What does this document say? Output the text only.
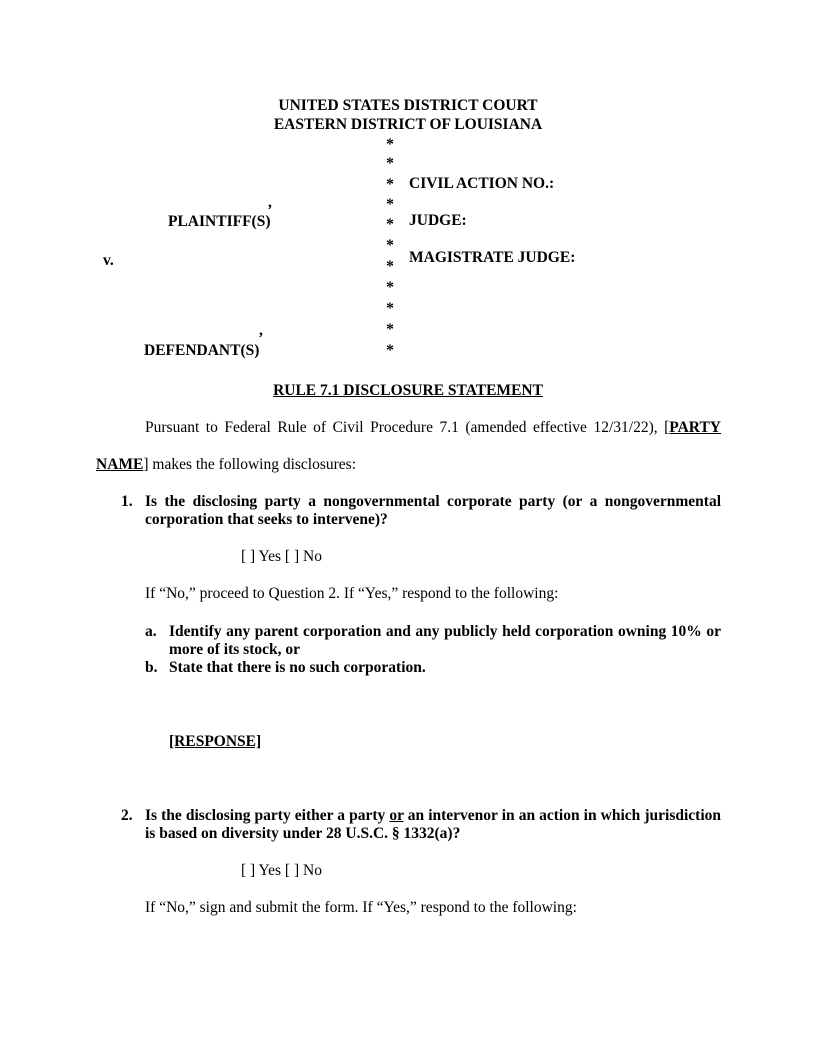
UNITED STATES DISTRICT COURT
EASTERN DISTRICT OF LOUISIANA
*
*
*
*
*
*
*
*
*
*
*
,
PLAINTIFF(S)
v.
,
DEFENDANT(S)
CIVIL ACTION NO.:
JUDGE:
MAGISTRATE JUDGE:
RULE 7.1 DISCLOSURE STATEMENT
Pursuant to Federal Rule of Civil Procedure 7.1 (amended effective 12/31/22), [PARTY
NAME] makes the following disclosures:
1. Is the disclosing party a nongovernmental corporate party (or a nongovernmental corporation that seeks to intervene)?
[ ] Yes [ ] No
If “No,” proceed to Question 2. If “Yes,” respond to the following:
a. Identify any parent corporation and any publicly held corporation owning 10% or more of its stock, or
b. State that there is no such corporation.
[RESPONSE]
2. Is the disclosing party either a party or an intervenor in an action in which jurisdiction is based on diversity under 28 U.S.C. § 1332(a)?
[ ] Yes [ ] No
If “No,” sign and submit the form. If “Yes,” respond to the following:
